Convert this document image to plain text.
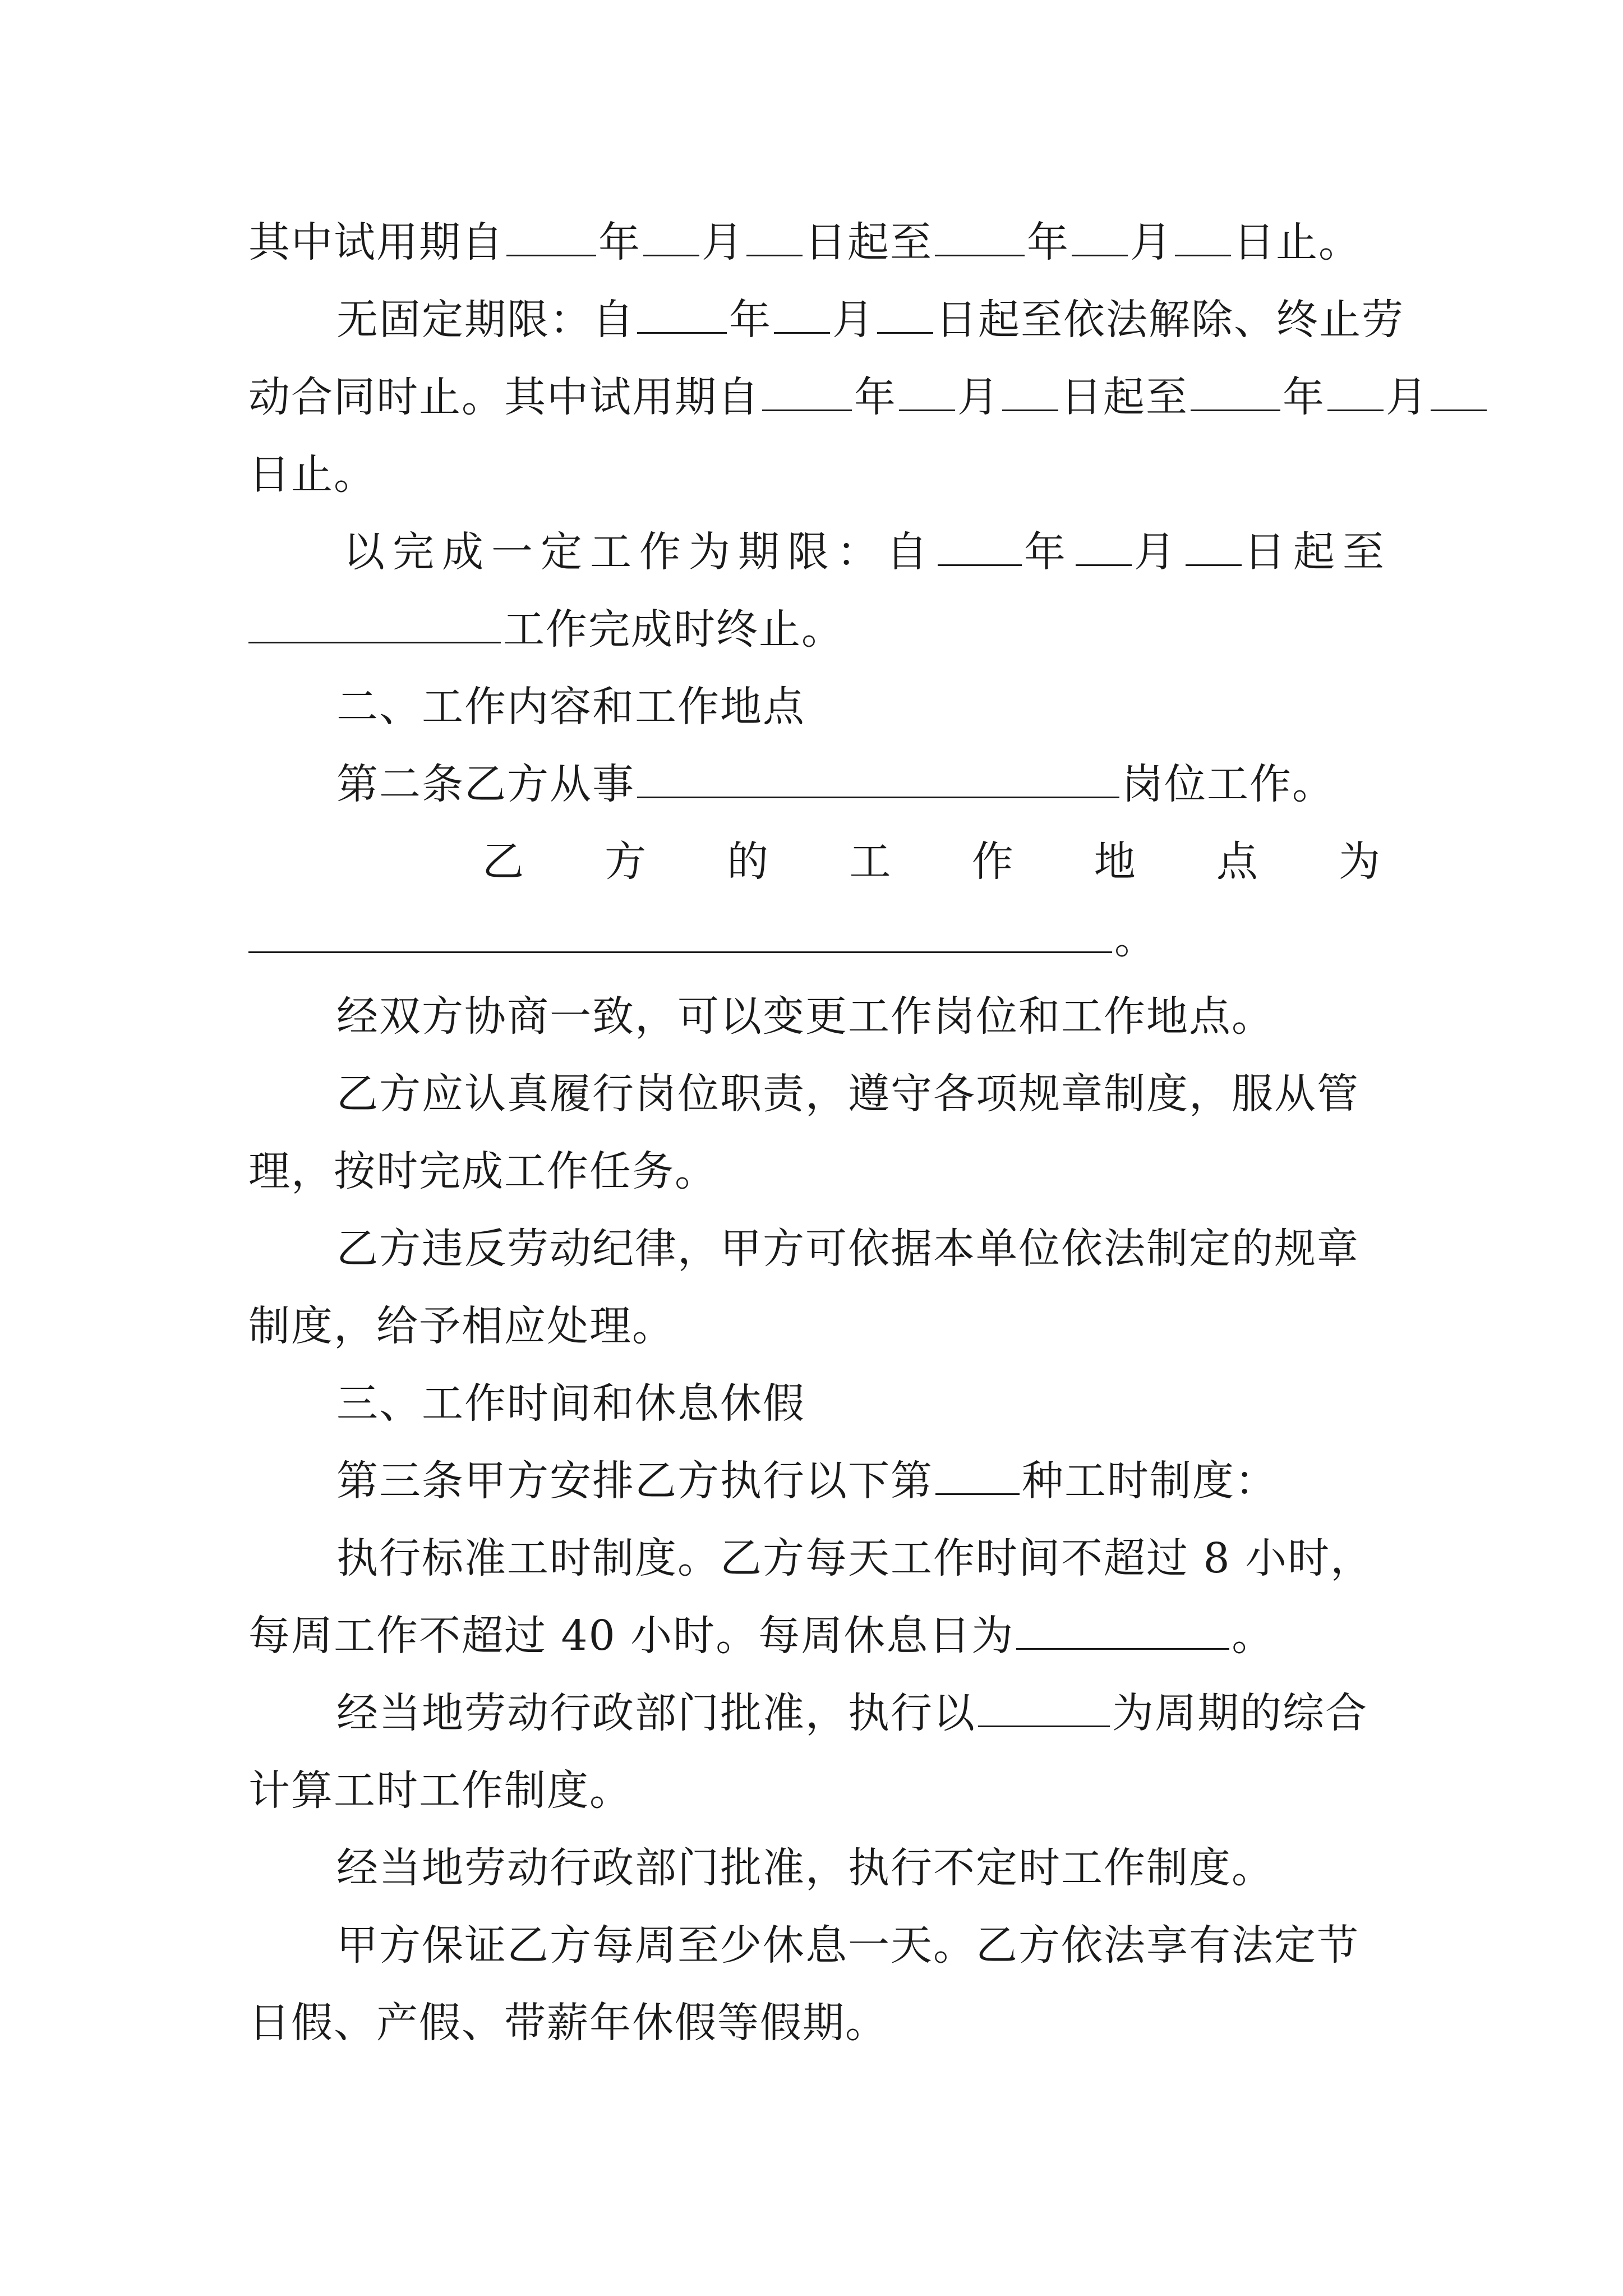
其中试用期自 年 月 日起至 年 月 日止。
无固定期限：自 年 月 日起至依法解除、终止劳
动合同时止。其中试用期自 年 月 日起至 年 月
日止。
以完成一定工作为期限：自 年 月 日起至
工作完成时终止。
二、工作内容和工作地点
第二条乙方从事	岗位工作。
乙 方 的 工 作 地 点 为
。
经双方协商一致，可以变更工作岗位和工作地点。
乙方应认真履行岗位职责，遵守各项规章制度，服从管
理，按时完成工作任务。
乙方违反劳动纪律，甲方可依据本单位依法制定的规章
制度，给予相应处理。
三、工作时间和休息休假
第三条甲方安排乙方执行以下第 种工时制度：
执行标准工时制度。乙方每天工作时间不超过 8 小时，
每周工作不超过 40 小时。每周休息日为	。
经当地劳动行政部门批准，执行以	为周期的综合
计算工时工作制度。
经当地劳动行政部门批准，执行不定时工作制度。
甲方保证乙方每周至少休息一天。乙方依法享有法定节
日假、产假、带薪年休假等假期。
